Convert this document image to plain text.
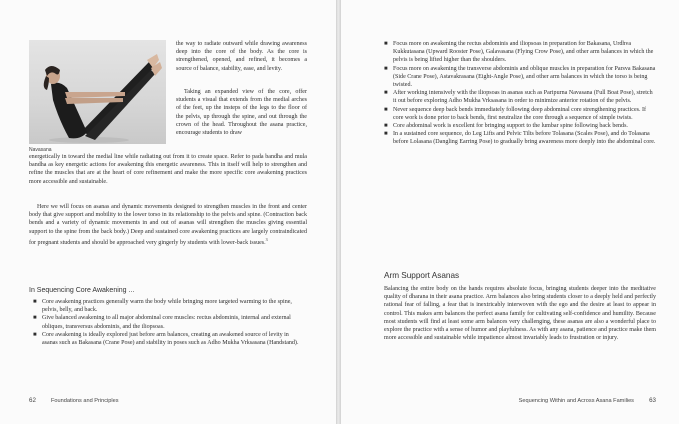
Navasana

the way to radiate outward while drawing awareness deep into the core of the body. As the core is strengthened, opened, and refined, it becomes a source of balance, stability, ease, and levity.

Taking an expanded view of the core, offer students a visual that extends from the medial arches of the feet, up the insteps of the legs to the floor of the pelvis, up through the spine, and out through the crown of the head. Throughout the asana practice, encourage students to draw

energetically in toward the medial line while radiating out from it to create space. Refer to pada bandha and mula bandha as key energetic actions for awakening this energetic awareness. This in itself will help to strengthen and refine the muscles that are at the heart of core refinement and make the more specific core awakening practices more accessible and sustainable.

Here we will focus on asanas and dynamic movements designed to strengthen muscles in the front and center body that give support and mobility to the lower torso in its relationship to the pelvis and spine. (Contraction back bends and a variety of dynamic movements in and out of asanas will strengthen the muscles giving essential support to the spine from the back body.) Deep and sustained core awakening practices are largely contraindicated for pregnant students and should be approached very gingerly by students with lower-back issues.$^3$

In Sequencing Core Awakening ...

■ Core awakening practices generally warm the body while bringing more targeted warming to the spine, pelvis, belly, and back.
■ Give balanced awakening to all major abdominal core muscles: rectus abdominis, internal and external obliques, transversus abdominis, and the iliopsoas.
■ Core awakening is ideally explored just before arm balances, creating an awakened source of levity in asanas such as Bakasana (Crane Pose) and stability in poses such as Adho Mukha Vrksasana (Handstand).

62	Foundations and Principles

■ Focus more on awakening the rectus abdominis and iliopsoas in preparation for Bakasana, Urdhva Kukkutasana (Upward Rooster Pose), Galavasana (Flying Crow Pose), and other arm balances in which the pelvis is being lifted higher than the shoulders.
■ Focus more on awakening the transverse abdominis and oblique muscles in preparation for Parsva Bakasana (Side Crane Pose), Astavakrasana (Eight-Angle Pose), and other arm balances in which the torso is being twisted.
■ After working intensively with the iliopsoas in asanas such as Paripurna Navasana (Full Boat Pose), stretch it out before exploring Adho Mukha Vrksasana in order to minimize anterior rotation of the pelvis.
■ Never sequence deep back bends immediately following deep abdominal core strengthening practices. If core work is done prior to back bends, first neutralize the core through a sequence of simple twists.
■ Core abdominal work is excellent for bringing support to the lumbar spine following back bends.
■ In a sustained core sequence, do Leg Lifts and Pelvic Tilts before Tolasana (Scales Pose), and do Tolasana before Lolasana (Dangling Earring Pose) to gradually bring awareness more deeply into the abdominal core.

Arm Support Asanas

Balancing the entire body on the hands requires absolute focus, bringing students deeper into the meditative quality of dharana in their asana practice. Arm balances also bring students closer to a deeply held and perfectly rational fear of falling, a fear that is inextricably interwoven with the ego and the desire at least to appear in control. This makes arm balances the perfect asana family for cultivating self-confidence and humility. Because most students will find at least some arm balances very challenging, these asanas are also a wonderful place to explore the practice with a sense of humor and playfulness. As with any asana, patience and practice make them more accessible and sustainable while impatience almost invariably leads to frustration or injury.

Sequencing Within and Across Asana Families 63
